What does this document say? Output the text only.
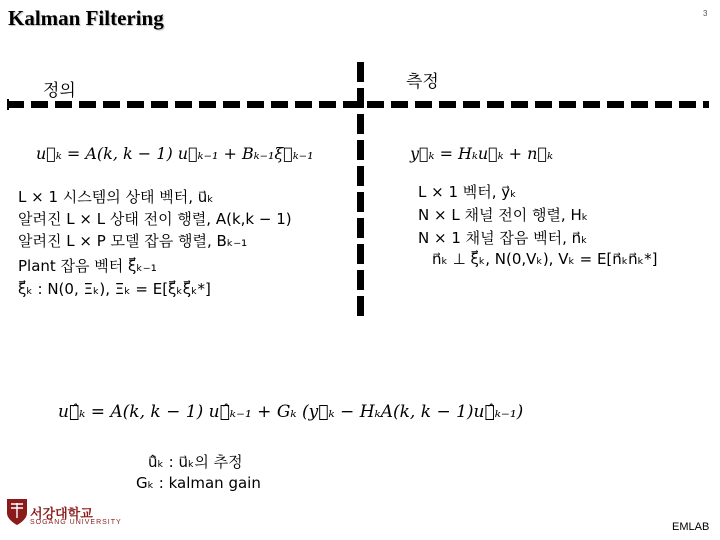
Kalman Filtering	3
정의	측정
u⃗ₖ = A(k, k − 1) u⃗ₖ₋₁ + Bₖ₋₁ξ⃗ₖ₋₁
L × 1 시스템의 상태 벡터, u⃗ₖ
알려진 L × L 상태 전이 행렬, A(k,k − 1)
알려진 L × P 모델 잡음 행렬, Bₖ₋₁
Plant 잡음 벡터 ξ⃗ₖ₋₁
ξ⃗ₖ : N(0, Ξₖ), Ξₖ = E[ξ⃗ₖξ⃗ₖ*]
y⃗ₖ = Hₖu⃗ₖ + n⃗ₖ
L × 1 벡터, y⃗ₖ
N × L 채널 전이 행렬, Hₖ
N × 1 채널 잡음 벡터, n⃗ₖ
n⃗ₖ ⊥ ξ⃗ₖ, N(0,Vₖ), Vₖ = E[n⃗ₖn⃗ₖ*]
u⃗̂ₖ = A(k, k − 1) u⃗̂ₖ₋₁ + Gₖ (y⃗ₖ − HₖA(k, k − 1)u⃗̂ₖ₋₁)
u⃗̂ₖ : u⃗ₖ의 추정
Gₖ : kalman gain
서강대학교
SOGANG UNIVERSITY	EMLAB
